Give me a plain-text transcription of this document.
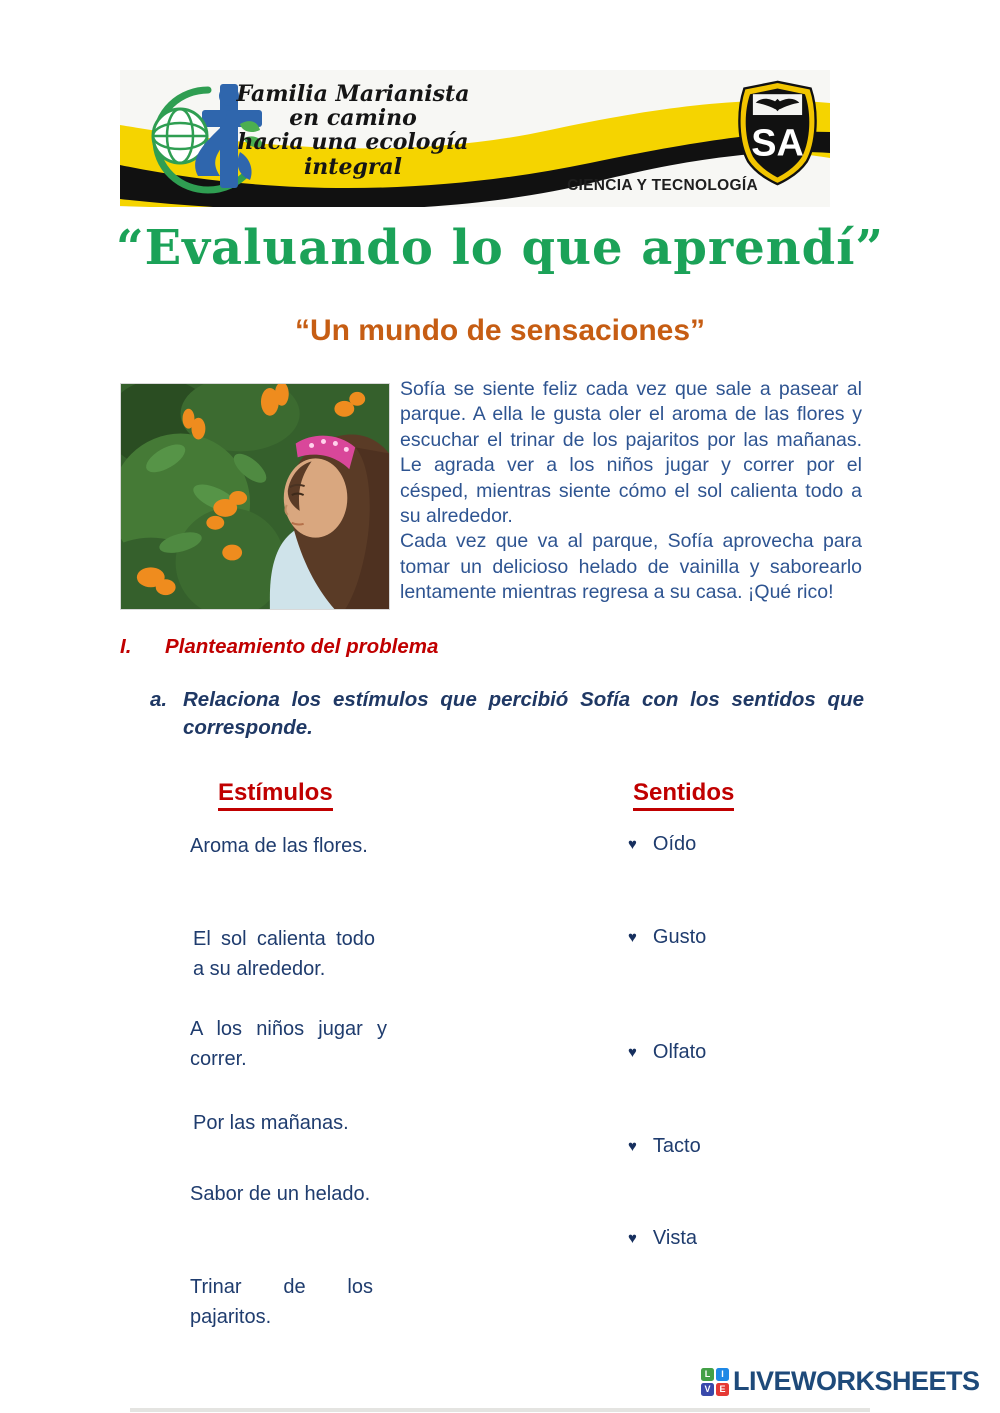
Familia Marianista en camino
hacia una ecología integral
SA
CIENCIA Y TECNOLOGÍA
“Evaluando lo que aprendí”
“Un mundo de sensaciones”

Sofía se siente feliz cada vez que sale a pasear al parque. A ella le gusta oler el aroma de las flores y escuchar el trinar de los pajaritos por las mañanas. Le agrada ver a los niños jugar y correr por el césped, mientras siente cómo el sol calienta todo a su alrededor.

Cada vez que va al parque, Sofía aprovecha para tomar un delicioso helado de vainilla y saborearlo lentamente mientras regresa a su casa. ¡Qué rico!

I.	Planteamiento del problema
a. Relaciona los estímulos que percibió Sofía con los sentidos que corresponde.
Estímulos	Sentidos
Aroma de las flores.
El sol calienta todo a su alrededor.
A los niños jugar y correr.
Por las mañanas.
Sabor de un helado.
Trinar de los pajaritos.
♥ Oído
♥ Gusto
♥ Olfato
♥ Tacto
♥ Vista
L	I
V E LIVEWORKSHEETS
